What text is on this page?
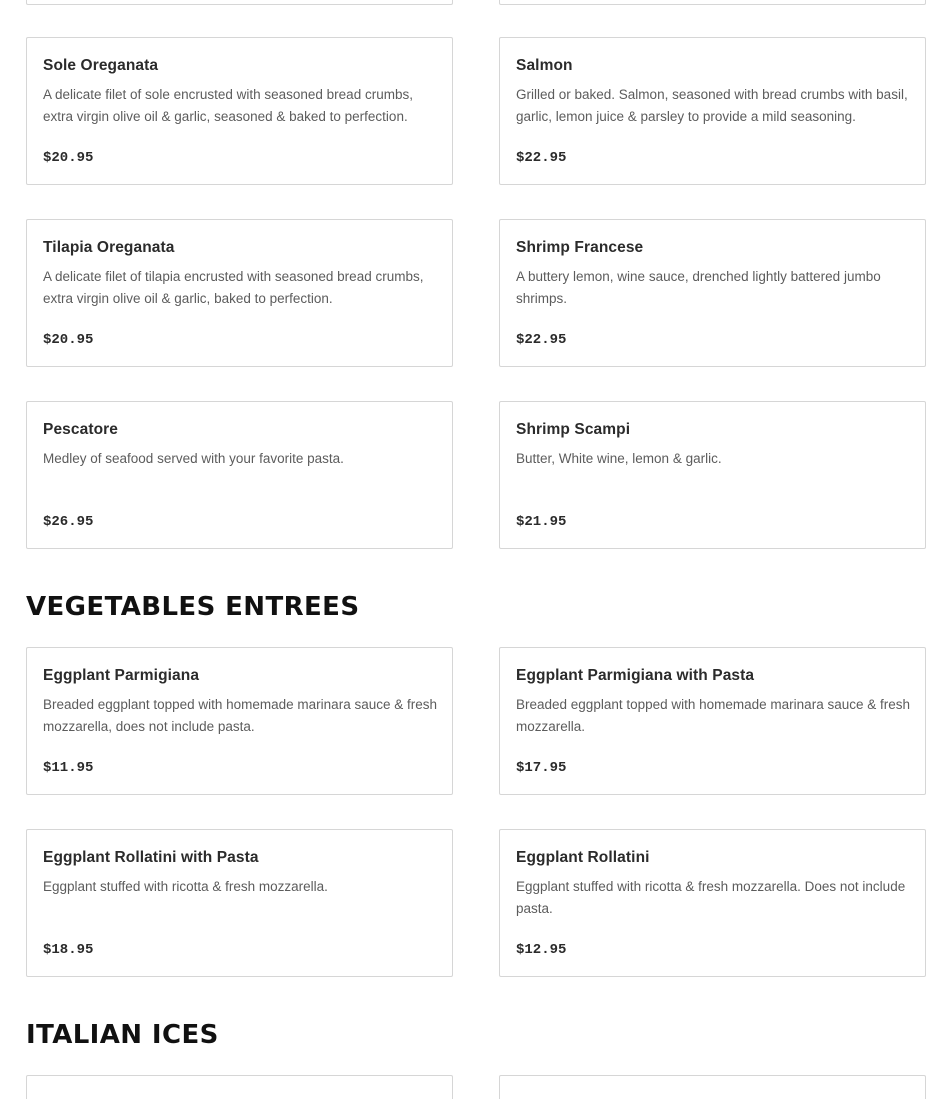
Sole Oreganata
A delicate filet of sole encrusted with seasoned bread crumbs, extra virgin olive oil & garlic, seasoned & baked to perfection.
$20.95
Salmon
Grilled or baked. Salmon, seasoned with bread crumbs with basil, garlic, lemon juice & parsley to provide a mild seasoning.
$22.95
Tilapia Oreganata
A delicate filet of tilapia encrusted with seasoned bread crumbs, extra virgin olive oil & garlic, baked to perfection.
$20.95
Shrimp Francese
A buttery lemon, wine sauce, drenched lightly battered jumbo shrimps.
$22.95
Pescatore
Medley of seafood served with your favorite pasta.
$26.95
Shrimp Scampi
Butter, White wine, lemon & garlic.
$21.95
VEGETABLES ENTREES
Eggplant Parmigiana
Breaded eggplant topped with homemade marinara sauce & fresh mozzarella, does not include pasta.
$11.95
Eggplant Parmigiana with Pasta
Breaded eggplant topped with homemade marinara sauce & fresh mozzarella.
$17.95
Eggplant Rollatini with Pasta
Eggplant stuffed with ricotta & fresh mozzarella.
$18.95
Eggplant Rollatini
Eggplant stuffed with ricotta & fresh mozzarella. Does not include pasta.
$12.95
ITALIAN ICES
